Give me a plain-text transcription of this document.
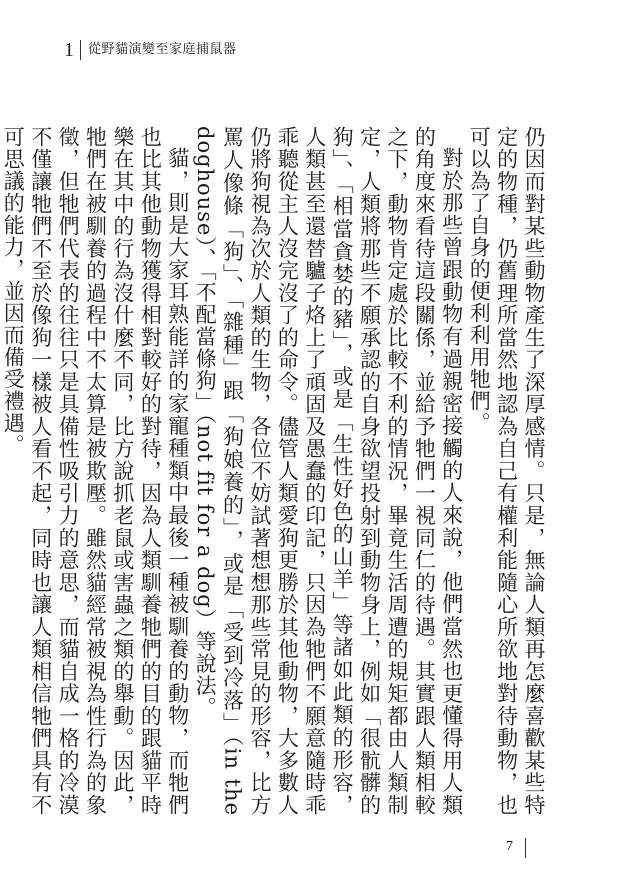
1 從野貓演變至家庭捕鼠器

仍因而對某些動物產生了深厚感情。只是，無論人類再怎麼喜歡某些特定的物種，仍舊理所當然地認為自己有權利能隨心所欲地對待動物，也可以為了自身的便利利用牠們。

對於那些曾跟動物有過親密接觸的人來說，他們當然也更懂得用人類的角度來看待這段關係，並給予牠們一視同仁的待遇。其實跟人類相較之下，動物肯定處於比較不利的情況，畢竟生活周遭的規矩都由人類制定，人類將那些不願承認的自身欲望投射到動物身上，例如「很骯髒的狗」、「相當貪婪的豬」，或是「生性好色的山羊」等諸如此類的形容，人類甚至還替驢子烙上了頑固及愚蠢的印記，只因為牠們不願意隨時乖乖聽從主人沒完沒了的命令。儘管人類愛狗更勝於其他動物，大多數人仍將狗視為次於人類的生物，各位不妨試著想想那些常見的形容，比方罵人像條「狗」、「雜種」跟「狗娘養的」，或是「受到冷落」（in the doghouse）、「不配當條狗」（not fit for a dog）等說法。

貓，則是大家耳熟能詳的家寵種類中最後一種被馴養的動物，而牠們也比其他動物獲得相對較好的對待，因為人類馴養牠們的目的跟貓平時樂在其中的行為沒什麼不同，比方說抓老鼠或害蟲之類的舉動。因此，牠們在被馴養的過程中不太算是被欺壓。雖然貓經常被視為性行為的象徵，但牠們代表的往往只是具備性吸引力的意思，而貓自成一格的冷漠不僅讓牠們不至於像狗一樣被人看不起，同時也讓人類相信牠們具有不可思議的能力，並因而備受禮遇。

7
